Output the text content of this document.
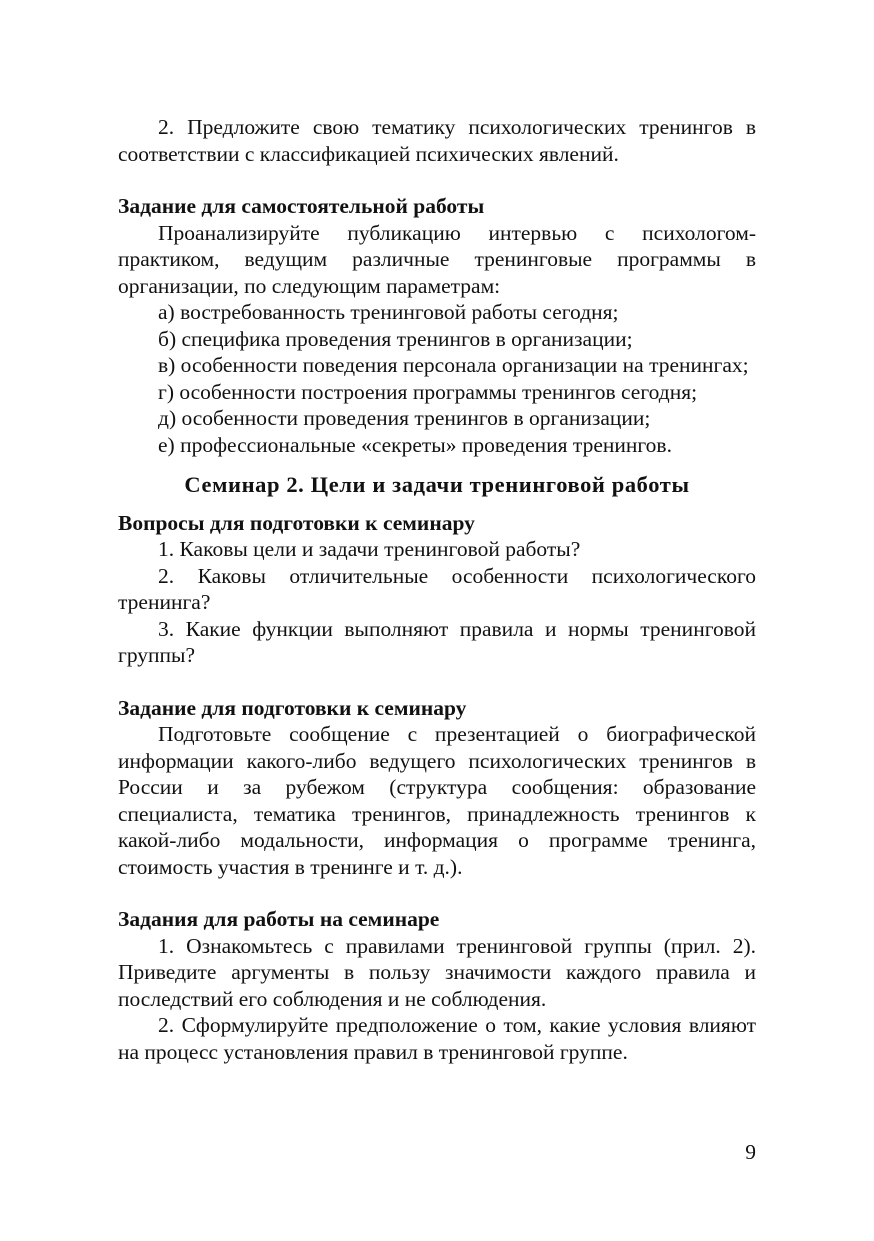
2. Предложите свою тематику психологических тренингов в соответствии с классификацией психических явлений.

Задание для самостоятельной работы

Проанализируйте публикацию интервью с психологом-практиком, ведущим различные тренинговые программы в организации, по следующим параметрам:

а) востребованность тренинговой работы сегодня;

б) специфика проведения тренингов в организации;

в) особенности поведения персонала организации на тренингах;

г) особенности построения программы тренингов сегодня;

д) особенности проведения тренингов в организации;

е) профессиональные «секреты» проведения тренингов.

Семинар 2. Цели и задачи тренинговой работы

Вопросы для подготовки к семинару

1. Каковы цели и задачи тренинговой работы?

2. Каковы отличительные особенности психологического тренинга?

3. Какие функции выполняют правила и нормы тренинговой группы?

Задание для подготовки к семинару

Подготовьте сообщение с презентацией о биографической информации какого-либо ведущего психологических тренингов в России и за рубежом (структура сообщения: образование специалиста, тематика тренингов, принадлежность тренингов к какой-либо модальности, информация о программе тренинга, стоимость участия в тренинге и т. д.).

Задания для работы на семинаре

1. Ознакомьтесь с правилами тренинговой группы (прил. 2). Приведите аргументы в пользу значимости каждого правила и последствий его соблюдения и не соблюдения.

2. Сформулируйте предположение о том, какие условия влияют на процесс установления правил в тренинговой группе.

9
